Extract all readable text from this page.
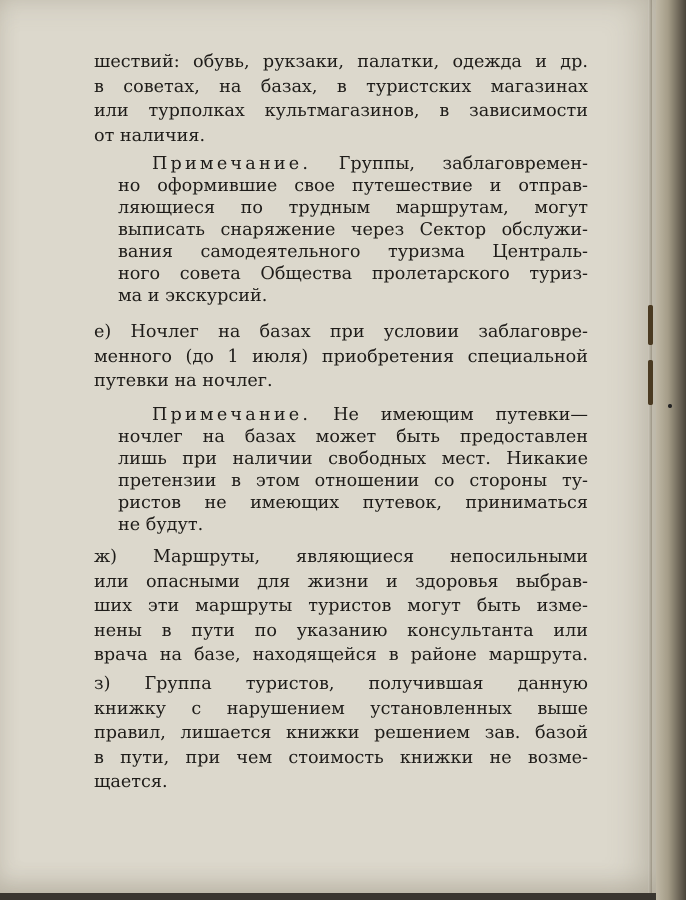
шествий: обувь, рукзаки, палатки, одежда и др.
в советах, на базах, в туристских магазинах
или турполках культмагазинов, в зависимости
от наличия.
Примечание. Группы, заблаговремен-
но оформившие свое путешествие и отправ-
ляющиеся по трудным маршрутам, могут
выписать снаряжение через Сектор обслужи-
вания самодеятельного туризма Централь-
ного совета Общества пролетарского туриз-
ма и экскурсий.
е) Ночлег на базах при условии заблаговре-
менного (до 1 июля) приобретения специальной
путевки на ночлег.
Примечание. Не имеющим путевки—
ночлег на базах может быть предоставлен
лишь при наличии свободных мест. Никакие
претензии в этом отношении со стороны ту-
ристов не имеющих путевок, приниматься
не будут.
ж) Маршруты, являющиеся непосильными
или опасными для жизни и здоровья выбрав-
ших эти маршруты туристов могут быть изме-
нены в пути по указанию консультанта или
врача на базе, находящейся в районе маршрута.
з) Группа туристов, получившая данную
книжку с нарушением установленных выше
правил, лишается книжки решением зав. базой
в пути, при чем стоимость книжки не возме-
щается.
